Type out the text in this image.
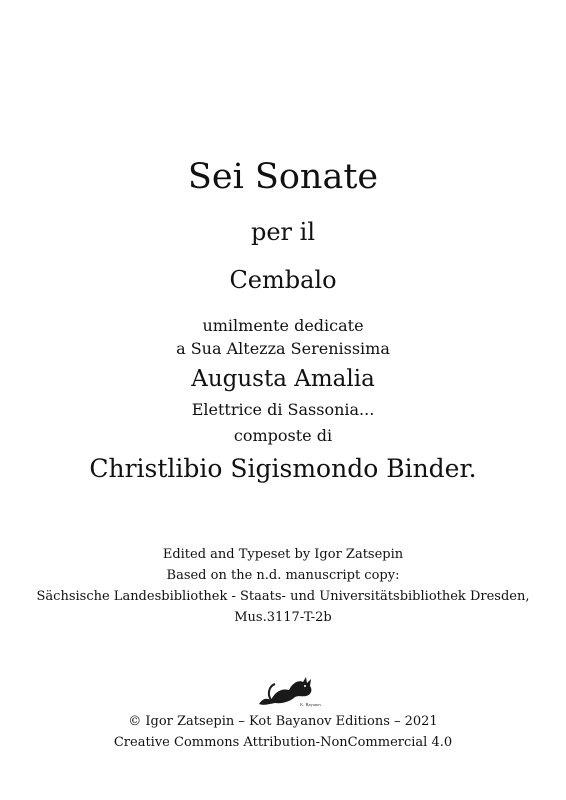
Sei Sonate
per il
Cembalo
umilmente dedicate
a Sua Altezza Serenissima
Augusta Amalia
Elettrice di Sassonia...
composte di
Christlibio Sigismondo Binder.
Edited and Typeset by Igor Zatsepin
Based on the n.d. manuscript copy:
Sächsische Landesbibliothek - Staats- und Universitätsbibliothek Dresden,
Mus.3117-T-2b
K. Bayanov
© Igor Zatsepin – Kot Bayanov Editions – 2021
Creative Commons Attribution-NonCommercial 4.0
